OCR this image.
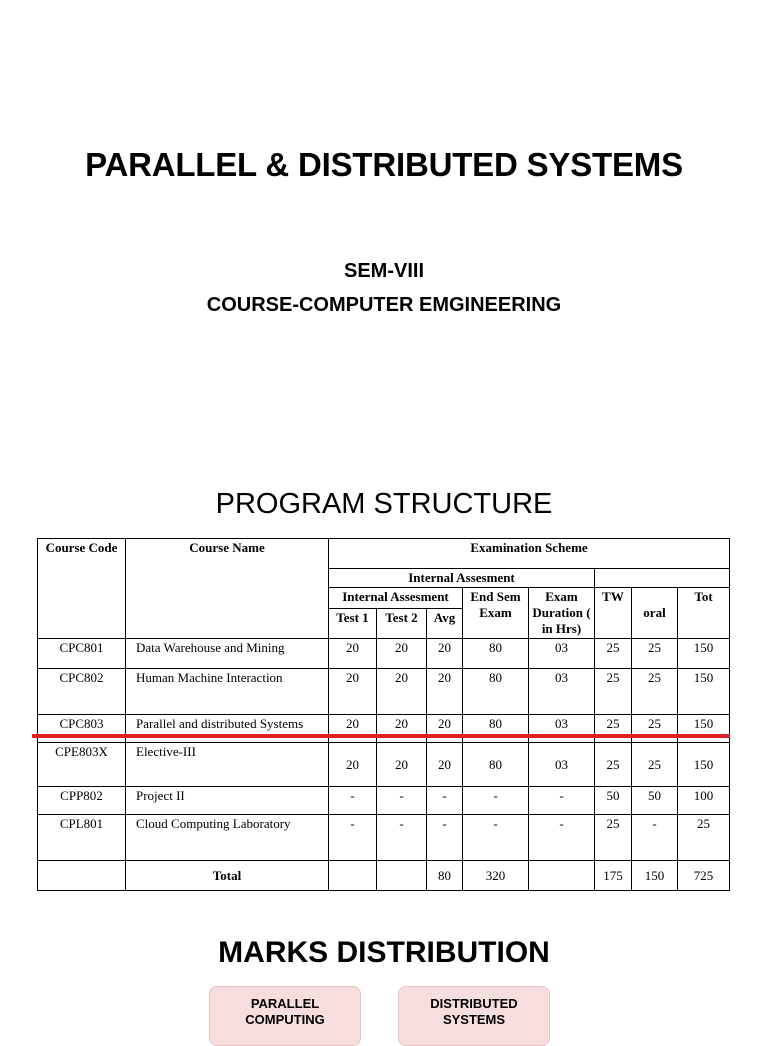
PARALLEL & DISTRIBUTED SYSTEMS
SEM-VIII
COURSE-COMPUTER EMGINEERING
PROGRAM STRUCTURE
Course Code	Course Name	Examination Scheme							
		Internal Assesment							
		Internal Assesment			End Sem Exam	Exam Duration ( in Hrs)	TW	oral	Tot
		Test 1	Test 2	Avg					
CPC801	Data Warehouse and Mining	20	20	20	80	03	25	25	150
CPC802	Human Machine Interaction	20	20	20	80	03	25	25	150
CPC803	Parallel and distributed Systems	20	20	20	80	03	25	25	150
CPE803X	Elective-III	20	20	20	80	03	25	25	150
CPP802	Project II	-	-	-	-	-	50	50	100
CPL801	Cloud Computing Laboratory	-	-	-	-	-	25	-	25
	Total			80	320		175	150	725
MARKS DISTRIBUTION
PARALLEL COMPUTING
DISTRIBUTED SYSTEMS
